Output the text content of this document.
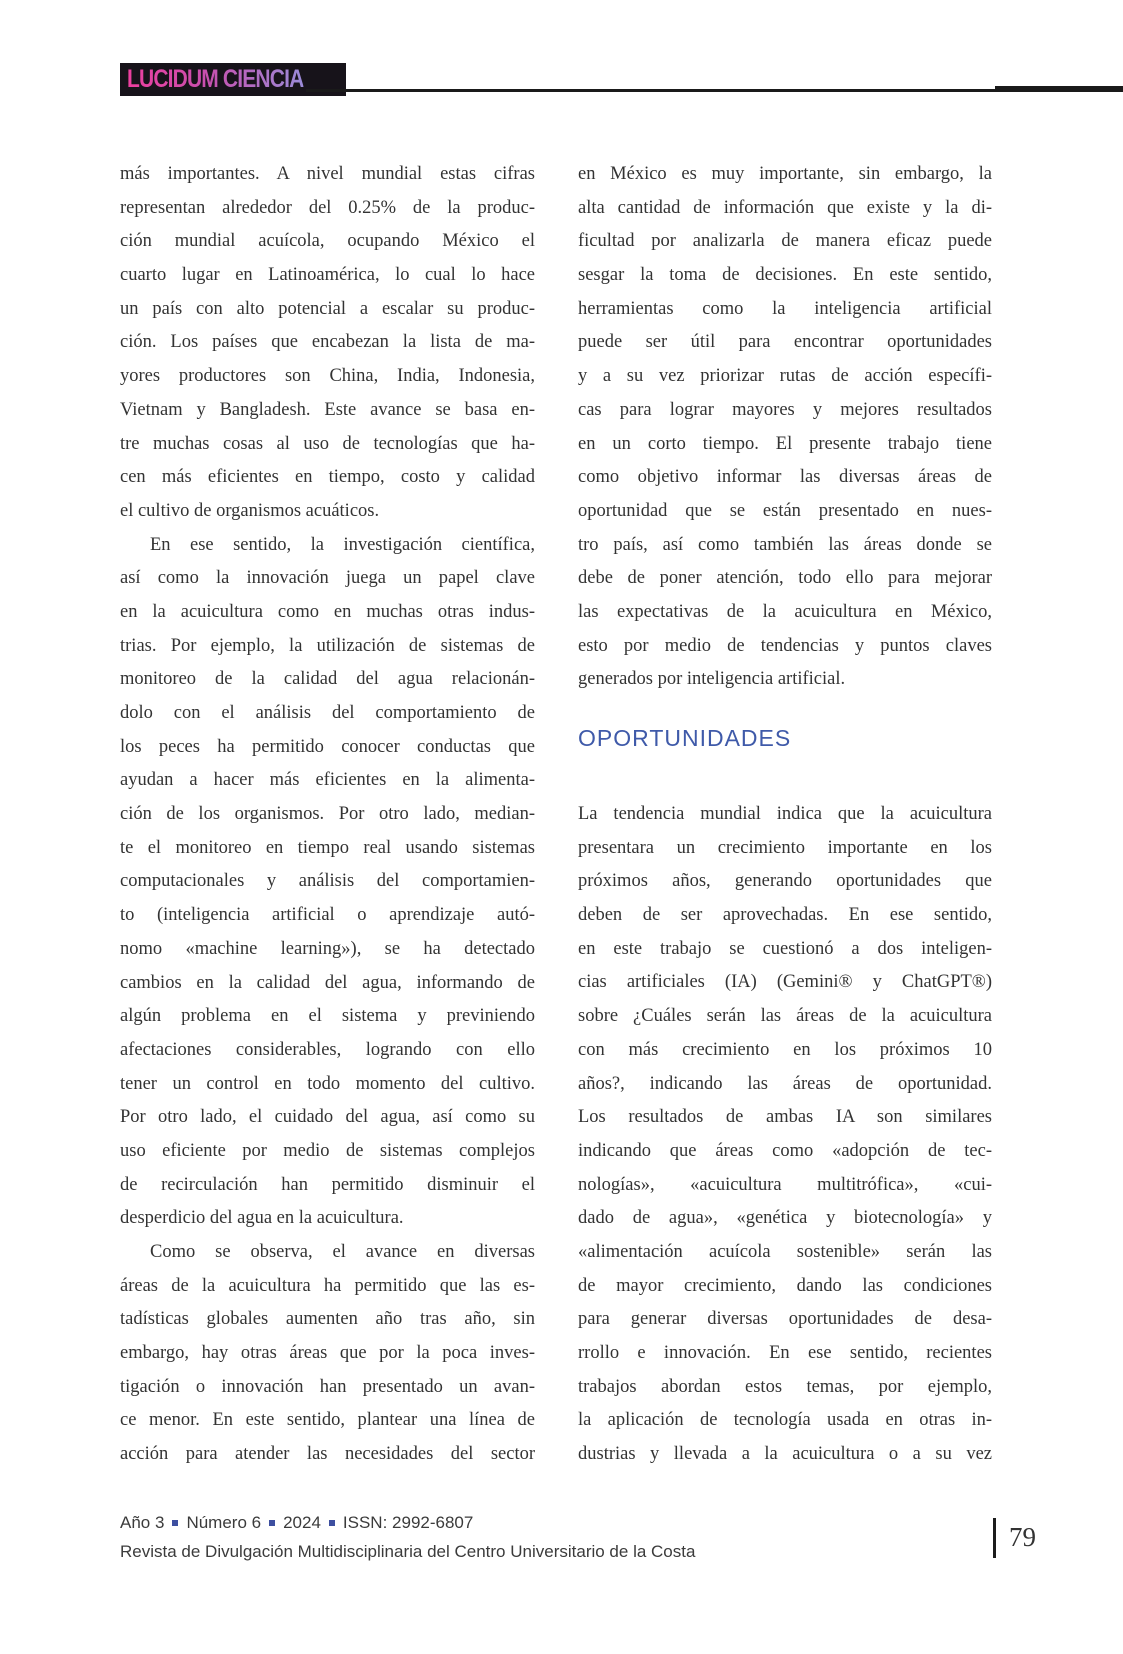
LUCIDUM CIENCIA
más importantes. A nivel mundial estas cifras
representan alrededor del 0.25% de la produc-
ción mundial acuícola, ocupando México el
cuarto lugar en Latinoamérica, lo cual lo hace
un país con alto potencial a escalar su produc-
ción. Los países que encabezan la lista de ma-
yores productores son China, India, Indonesia,
Vietnam y Bangladesh. Este avance se basa en-
tre muchas cosas al uso de tecnologías que ha-
cen más eficientes en tiempo, costo y calidad
el cultivo de organismos acuáticos.
En ese sentido, la investigación científica,
así como la innovación juega un papel clave
en la acuicultura como en muchas otras indus-
trias. Por ejemplo, la utilización de sistemas de
monitoreo de la calidad del agua relacionán-
dolo con el análisis del comportamiento de
los peces ha permitido conocer conductas que
ayudan a hacer más eficientes en la alimenta-
ción de los organismos. Por otro lado, median-
te el monitoreo en tiempo real usando sistemas
computacionales y análisis del comportamien-
to (inteligencia artificial o aprendizaje autó-
nomo «machine learning»), se ha detectado
cambios en la calidad del agua, informando de
algún problema en el sistema y previniendo
afectaciones considerables, logrando con ello
tener un control en todo momento del cultivo.
Por otro lado, el cuidado del agua, así como su
uso eficiente por medio de sistemas complejos
de recirculación han permitido disminuir el
desperdicio del agua en la acuicultura.
Como se observa, el avance en diversas
áreas de la acuicultura ha permitido que las es-
tadísticas globales aumenten año tras año, sin
embargo, hay otras áreas que por la poca inves-
tigación o innovación han presentado un avan-
ce menor. En este sentido, plantear una línea de
acción para atender las necesidades del sector
en México es muy importante, sin embargo, la
alta cantidad de información que existe y la di-
ficultad por analizarla de manera eficaz puede
sesgar la toma de decisiones. En este sentido,
herramientas como la inteligencia artificial
puede ser útil para encontrar oportunidades
y a su vez priorizar rutas de acción específi-
cas para lograr mayores y mejores resultados
en un corto tiempo. El presente trabajo tiene
como objetivo informar las diversas áreas de
oportunidad que se están presentado en nues-
tro país, así como también las áreas donde se
debe de poner atención, todo ello para mejorar
las expectativas de la acuicultura en México,
esto por medio de tendencias y puntos claves
generados por inteligencia artificial.
OPORTUNIDADES
La tendencia mundial indica que la acuicultura
presentara un crecimiento importante en los
próximos años, generando oportunidades que
deben de ser aprovechadas. En ese sentido,
en este trabajo se cuestionó a dos inteligen-
cias artificiales (IA) (Gemini® y ChatGPT®)
sobre ¿Cuáles serán las áreas de la acuicultura
con más crecimiento en los próximos 10
años?, indicando las áreas de oportunidad.
Los resultados de ambas IA son similares
indicando que áreas como «adopción de tec-
nologías», «acuicultura multitrófica», «cui-
dado de agua», «genética y biotecnología» y
«alimentación acuícola sostenible» serán las
de mayor crecimiento, dando las condiciones
para generar diversas oportunidades de desa-
rrollo e innovación. En ese sentido, recientes
trabajos abordan estos temas, por ejemplo,
la aplicación de tecnología usada en otras in-
dustrias y llevada a la acuicultura o a su vez
Año 3 Número 6 2024 ISSN: 2992-6807
Revista de Divulgación Multidisciplinaria del Centro Universitario de la Costa	79
